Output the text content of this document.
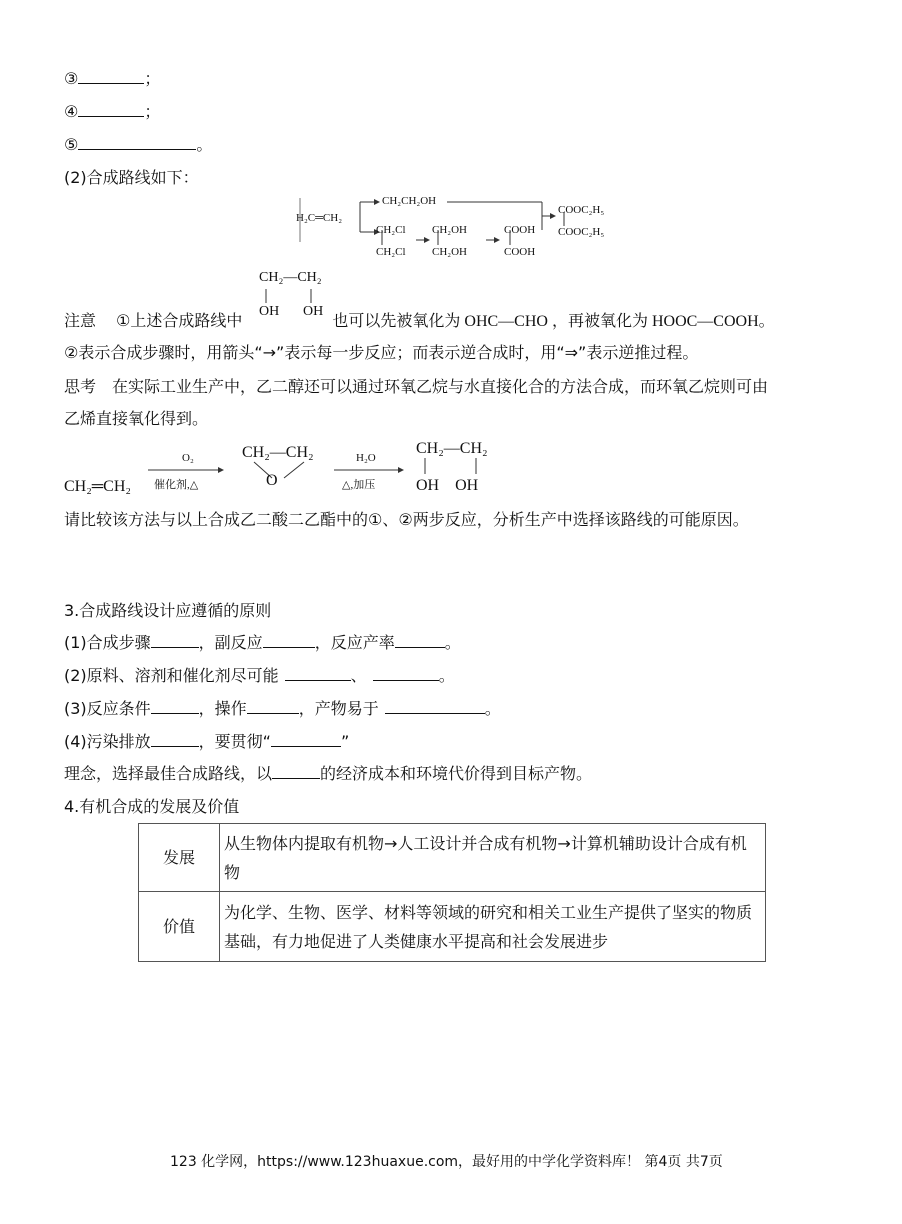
③	；
④	；
⑤	。
(2)合成路线如下：
H₂C═CH₂
CH₂CH₂OH
CH₂Cl
CH₂Cl
CH₂OH
CH₂OH
COOH
COOH
COOC₂H₅
COOC₂H₅
注意 ①上述合成路线中	也可以先被氧化为 OHC—CHO ，再被氧化为 HOOC—COOH。
CH₂—CH₂
OH OH
②表示合成步骤时，用箭头“→”表示每一步反应；而表示逆合成时，用“⇒”表示逆推过程。
思考　在实际工业生产中，乙二醇还可以通过环氧乙烷与水直接化合的方法合成，而环氧乙烷则可由
乙烯直接氧化得到。
CH₂═CH₂
O₂
催化剂,△
CH₂—CH₂
O
H₂O
△,加压
CH₂—CH₂
OH　OH
请比较该方法与以上合成乙二酸二乙酯中的①、②两步反应，分析生产中选择该路线的可能原因。
3.合成路线设计应遵循的原则
(1)合成步骤	，副反应	，反应产率	。
(2)原料、溶剂和催化剂尽可能	、	。
(3)反应条件	，操作	，产物易于	。
(4)污染排放	，要贯彻“	”
理念，选择最佳合成路线，以	的经济成本和环境代价得到目标产物。
4.有机合成的发展及价值
发展	从生物体内提取有机物→人工设计并合成有机物→计算机辅助设计合成有机物
价值	为化学、生物、医学、材料等领域的研究和相关工业生产提供了坚实的物质基础，有力地促进了人类健康水平提高和社会发展进步
123 化学网，https://www.123huaxue.com，最好用的中学化学资料库！ 第4页 共7页
